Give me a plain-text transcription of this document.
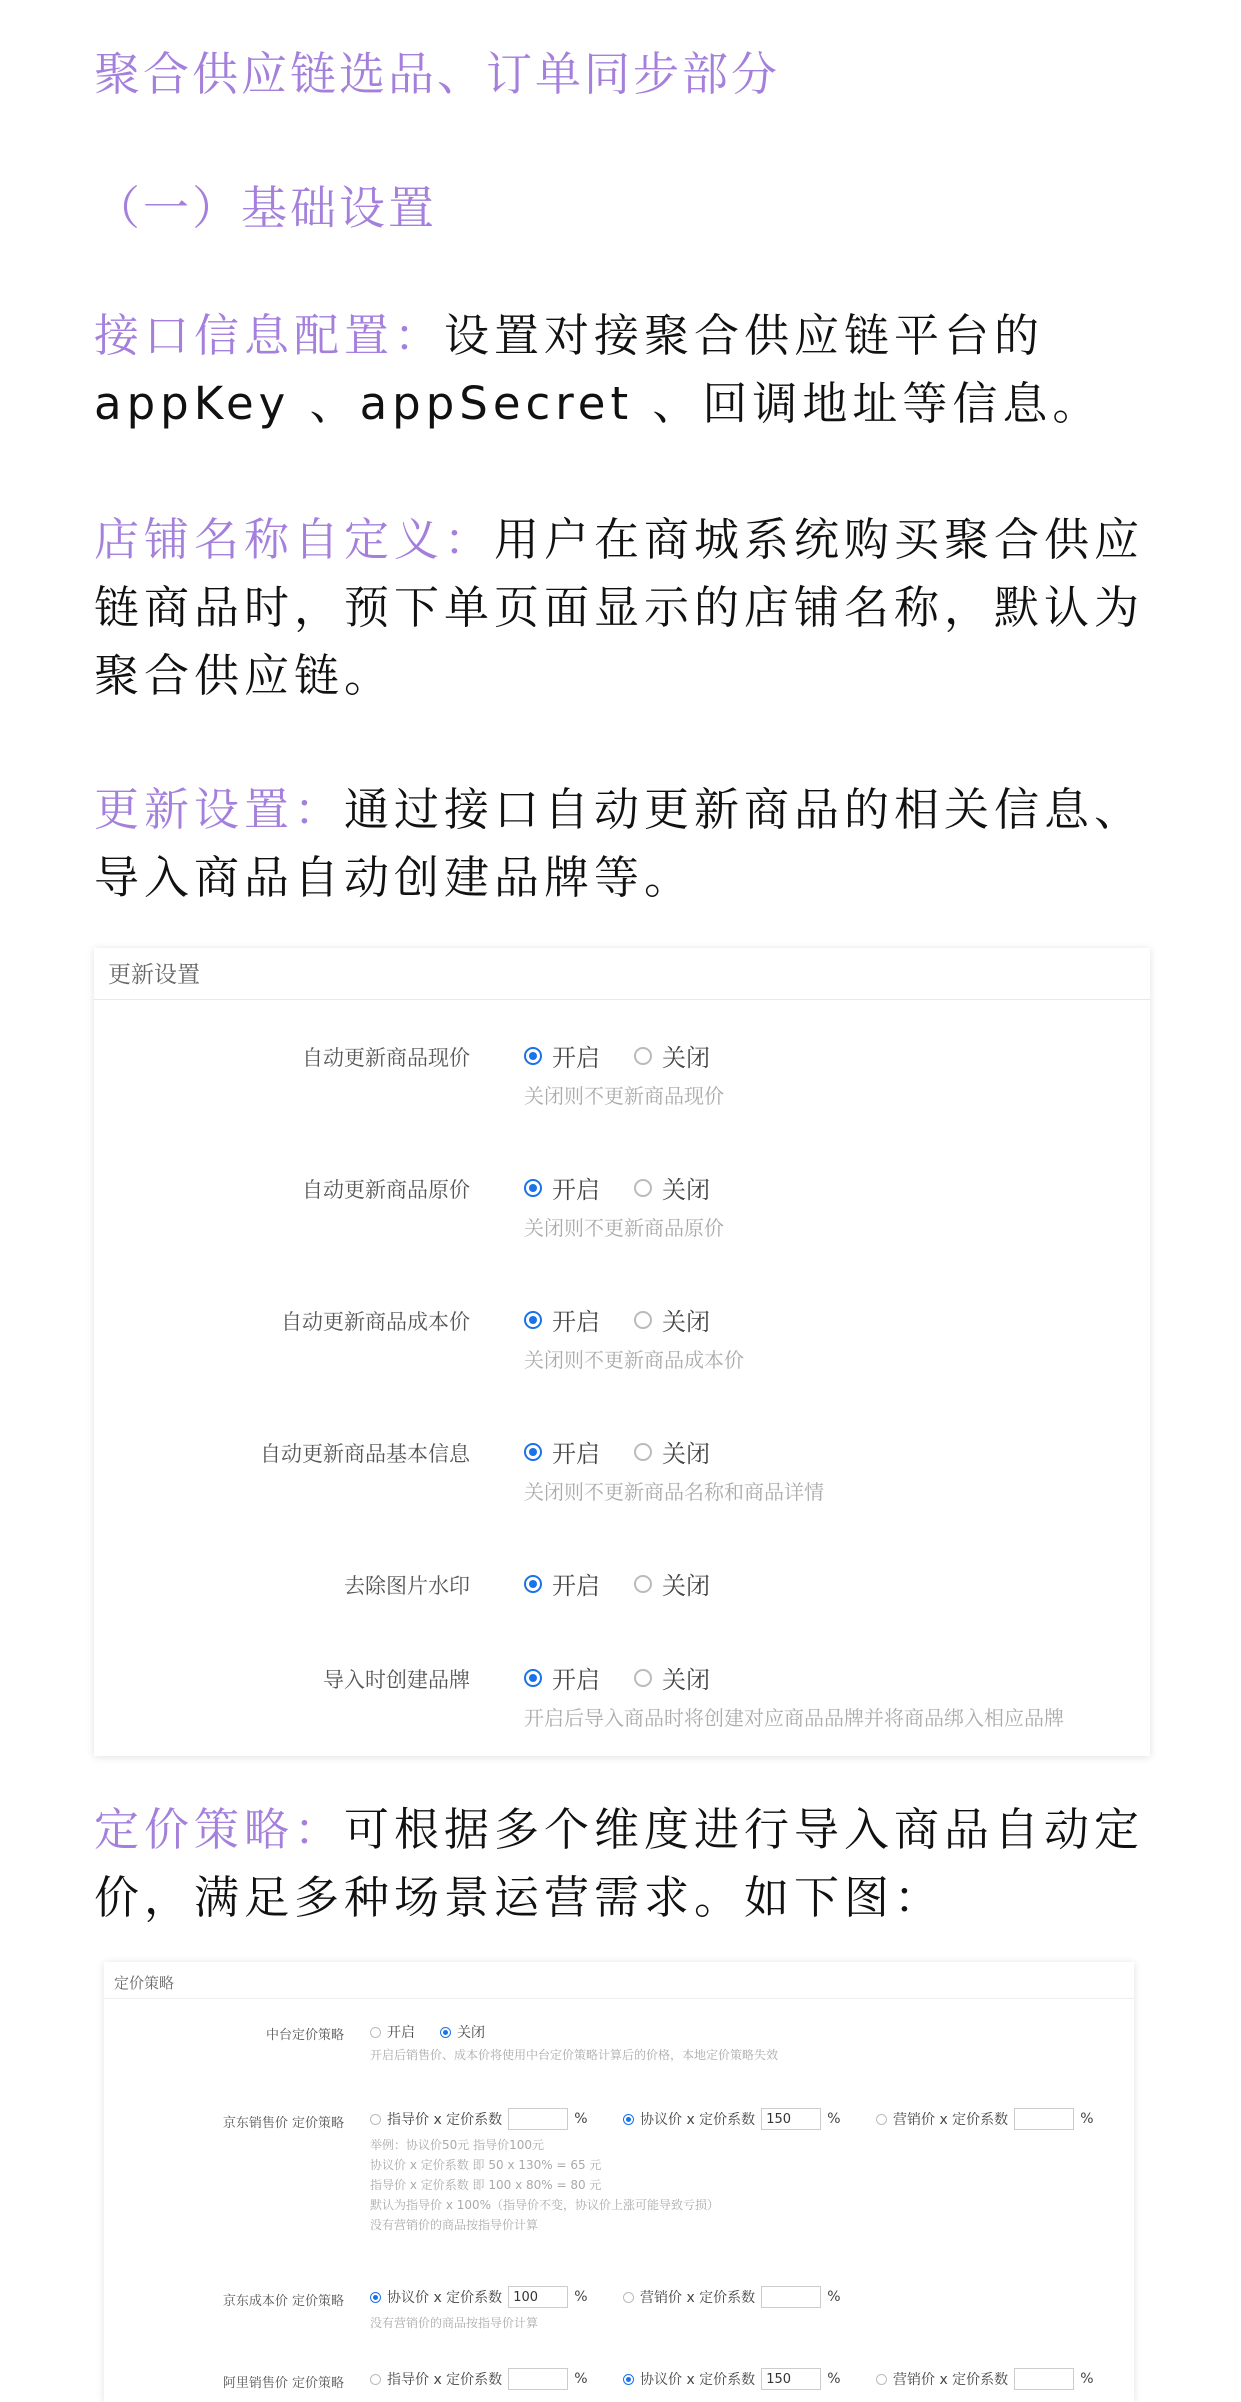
聚合供应链选品、订单同步部分
（一）基础设置

接口信息配置：设置对接聚合供应链平台的appKey 、appSecret 、回调地址等信息。

店铺名称自定义：用户在商城系统购买聚合供应链商品时，预下单页面显示的店铺名称，默认为聚合供应链。

更新设置：通过接口自动更新商品的相关信息、导入商品自动创建品牌等。

更新设置
自动更新商品现价	开启	关闭
关闭则不更新商品现价
自动更新商品原价	开启	关闭
关闭则不更新商品原价
自动更新商品成本价	开启	关闭
关闭则不更新商品成本价
自动更新商品基本信息	开启	关闭
关闭则不更新商品名称和商品详情
去除图片水印	开启	关闭
导入时创建品牌	开启	关闭
开启后导入商品时将创建对应商品品牌并将商品绑入相应品牌

定价策略：可根据多个维度进行导入商品自动定价，满足多种场景运营需求。如下图：

定价策略
中台定价策略	开启	关闭
开启后销售价、成本价将使用中台定价策略计算后的价格，本地定价策略失效
京东销售价 定价策略	指导价 x 定价系数	%	协议价 x 定价系数 150	%	营销价 x 定价系数	%
举例：协议价50元 指导价100元
协议价 x 定价系数 即 50 x 130% = 65 元
指导价 x 定价系数 即 100 x 80% = 80 元
默认为指导价 x 100%（指导价不变，协议价上涨可能导致亏损）
没有营销价的商品按指导价计算
京东成本价 定价策略	协议价 x 定价系数 100	%	营销价 x 定价系数	%
没有营销价的商品按指导价计算
阿里销售价 定价策略	指导价 x 定价系数	%	协议价 x 定价系数 150	%	营销价 x 定价系数	%
